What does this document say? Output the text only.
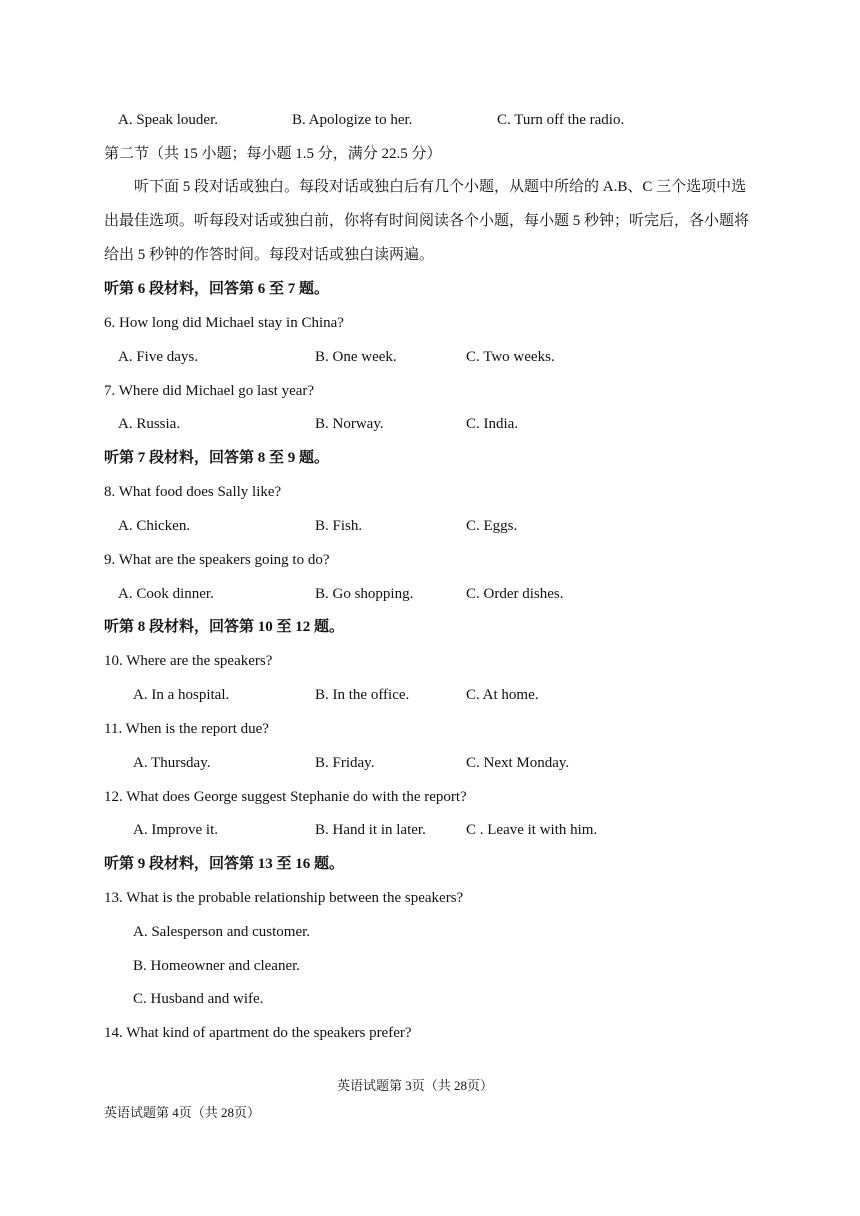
A. Speak louder.	B. Apologize to her.	C. Turn off the radio.
第二节（共 15 小题；每小题 1.5 分，满分 22.5 分）
听下面 5 段对话或独白。每段对话或独白后有几个小题，从题中所给的 A.B、C 三个选项中选出最佳选项。听每段对话或独白前，你将有时间阅读各个小题，每小题 5 秒钟；听完后，各小题将给出 5 秒钟的作答时间。每段对话或独白读两遍。
听第 6 段材料，回答第 6 至 7 题。
6. How long did Michael stay in China?
A. Five days.	B. One week.	C. Two weeks.
7. Where did Michael go last year?
A. Russia.	B. Norway.	C. India.
听第 7 段材料，回答第 8 至 9 题。
8. What food does Sally like?
A. Chicken.	B. Fish.	C. Eggs.
9. What are the speakers going to do?
A. Cook dinner.	B. Go shopping.	C. Order dishes.
听第 8 段材料，回答第 10 至 12 题。
10. Where are the speakers?
A. In a hospital.	B. In the office.	C. At home.
11. When is the report due?
A. Thursday.	B. Friday.	C. Next Monday.
12. What does George suggest Stephanie do with the report?
A. Improve it.	B. Hand it in later.	C . Leave it with him.
听第 9 段材料，回答第 13 至 16 题。
13. What is the probable relationship between the speakers?
A. Salesperson and customer.
B. Homeowner and cleaner.
C. Husband and wife.
14. What kind of apartment do the speakers prefer?
英语试题第 3页（共 28页）
英语试题第 4页（共 28页）
